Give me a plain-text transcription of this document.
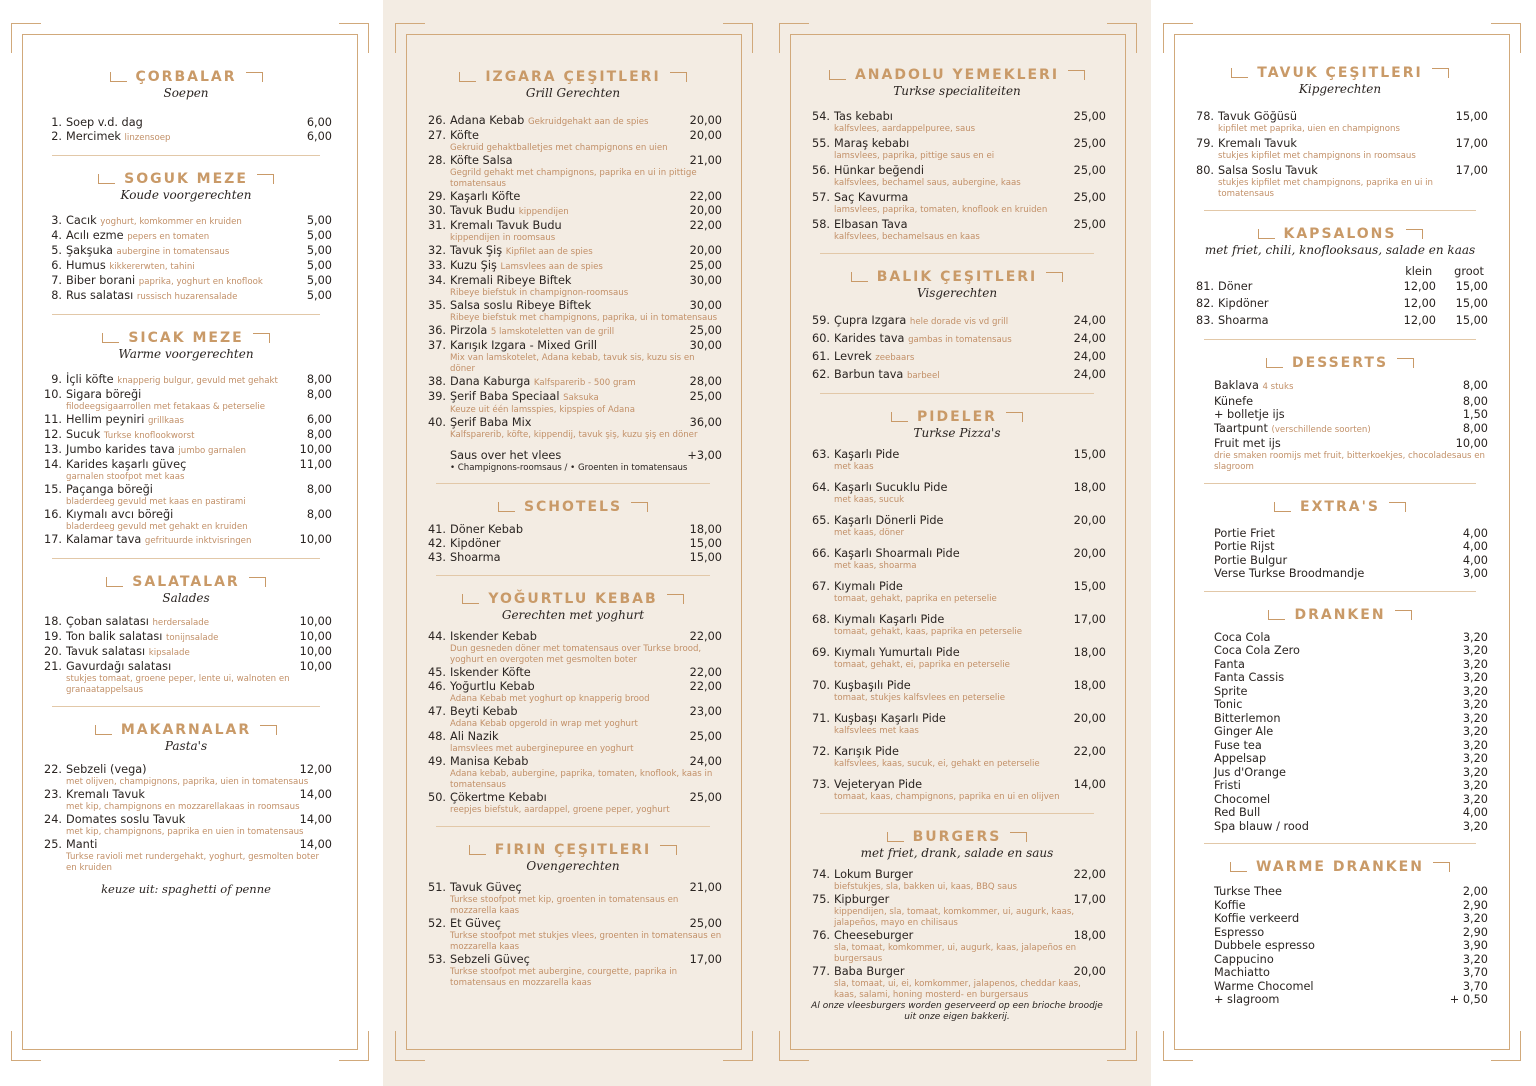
ÇORBALAR
Soepen
1. Soep v.d. dag	6,00
2. Mercimek linzensoep	6,00
SOGUK MEZE
Koude voorgerechten
3. Cacık yoghurt, komkommer en kruiden	5,00
4. Acılı ezme pepers en tomaten	5,00
5. Şakşuka aubergine in tomatensaus	5,00
6. Humus kikkererwten, tahini	5,00
7. Biber borani paprika, yoghurt en knoflook	5,00
8. Rus salatası russisch huzarensalade	5,00
SICAK MEZE
Warme voorgerechten
9. İçli köfte knapperig bulgur, gevuld met gehakt	8,00
10. Sigara böreği	8,00
filodeegsigaarrollen met fetakaas & peterselie
11. Hellim peyniri grillkaas	6,00
12. Sucuk Turkse knoflookworst	8,00
13. Jumbo karides tava jumbo garnalen	10,00
14. Karides kaşarlı güveç	11,00
garnalen stoofpot met kaas
15. Paçanga böreği	8,00
bladerdeeg gevuld met kaas en pastirami
16. Kıymalı avcı böreği	8,00
bladerdeeg gevuld met gehakt en kruiden
17. Kalamar tava gefrituurde inktvisringen	10,00
SALATALAR
Salades
18. Çoban salatası herdersalade	10,00
19. Ton balik salatası tonijnsalade	10,00
20. Tavuk salatası kipsalade	10,00
21. Gavurdağı salatası	10,00
stukjes tomaat, groene peper, lente ui, walnoten en granaatappelsaus
MAKARNALAR
Pasta's
22. Sebzeli (vega)	12,00
met olijven, champignons, paprika, uien in tomatensaus
23. Kremalı Tavuk	14,00
met kip, champignons en mozzarellakaas in roomsaus
24. Domates soslu Tavuk	14,00
met kip, champignons, paprika en uien in tomatensaus
25. Manti	14,00
Turkse ravioli met rundergehakt, yoghurt, gesmolten boter en kruiden
keuze uit: spaghetti of penne
IZGARA ÇEŞITLERI
Grill Gerechten
26. Adana Kebab Gekruidgehakt aan de spies	20,00
27. Köfte	20,00
Gekruid gehaktballetjes met champignons en uien
28. Köfte Salsa	21,00
Gegrild gehakt met champignons, paprika en ui in pittige tomatensaus
29. Kaşarlı Köfte	22,00
30. Tavuk Budu kippendijen	20,00
31. Kremalı Tavuk Budu	22,00
kippendijen in roomsaus
32. Tavuk Şiş Kipfilet aan de spies	20,00
33. Kuzu Şiş Lamsvlees aan de spies	25,00
34. Kremali Ribeye Biftek	30,00
Ribeye biefstuk in champignon-roomsaus
35. Salsa soslu Ribeye Biftek	30,00
Ribeye biefstuk met champignons, paprika, ui in tomatensaus
36. Pirzola 5 lamskoteletten van de grill	25,00
37. Karışık Izgara - Mixed Grill	30,00
Mix van lamskotelet, Adana kebab, tavuk sis, kuzu sis en döner
38. Dana Kaburga Kalfsparerib - 500 gram	28,00
39. Şerif Baba Speciaal Saksuka	25,00
Keuze uit één lamsspies, kipspies of Adana
40. Şerif Baba Mix	36,00
Kalfsparerib, köfte, kippendij, tavuk şiş, kuzu şiş en döner
Saus over het vlees	+3,00
• Champignons-roomsaus / • Groenten in tomatensaus
SCHOTELS
41. Döner Kebab	18,00
42. Kipdöner	15,00
43. Shoarma	15,00
YOĞURTLU KEBAB
Gerechten met yoghurt
44. Iskender Kebab	22,00
Dun gesneden döner met tomatensaus over Turkse brood, yoghurt en overgoten met gesmolten boter
45. Iskender Köfte	22,00
46. Yoğurtlu Kebab	22,00
Adana Kebab met yoghurt op knapperig brood
47. Beyti Kebab	23,00
Adana Kebab opgerold in wrap met yoghurt
48. Ali Nazik	25,00
lamsvlees met auberginepuree en yoghurt
49. Manisa Kebab	24,00
Adana kebab, aubergine, paprika, tomaten, knoflook, kaas in tomatensaus
50. Çökertme Kebabı	25,00
reepjes biefstuk, aardappel, groene peper, yoghurt
FIRIN ÇEŞITLERI
Ovengerechten
51. Tavuk Güveç	21,00
Turkse stoofpot met kip, groenten in tomatensaus en mozzarella kaas
52. Et Güveç	25,00
Turkse stoofpot met stukjes vlees, groenten in tomatensaus en mozzarella kaas
53. Sebzeli Güveç	17,00
Turkse stoofpot met aubergine, courgette, paprika in tomatensaus en mozzarella kaas
ANADOLU YEMEKLERI
Turkse specialiteiten
54. Tas kebabı	25,00
kalfsvlees, aardappelpuree, saus
55. Maraş kebabı	25,00
lamsvlees, paprika, pittige saus en ei
56. Hünkar beğendi	25,00
kalfsvlees, bechamel saus, aubergine, kaas
57. Saç Kavurma	25,00
lamsvlees, paprika, tomaten, knoflook en kruiden
58. Elbasan Tava	25,00
kalfsvlees, bechamelsaus en kaas
BALIK ÇEŞITLERI
Visgerechten
59. Çupra Izgara hele dorade vis vd grill	24,00
60. Karides tava gambas in tomatensaus	24,00
61. Levrek zeebaars	24,00
62. Barbun tava barbeel	24,00
PIDELER
Turkse Pizza's
63. Kaşarlı Pide	15,00
met kaas
64. Kaşarlı Sucuklu Pide	18,00
met kaas, sucuk
65. Kaşarlı Dönerli Pide	20,00
met kaas, döner
66. Kaşarlı Shoarmalı Pide	20,00
met kaas, shoarma
67. Kıymalı Pide	15,00
tomaat, gehakt, paprika en peterselie
68. Kıymalı Kaşarlı Pide	17,00
tomaat, gehakt, kaas, paprika en peterselie
69. Kıymalı Yumurtalı Pide	18,00
tomaat, gehakt, ei, paprika en peterselie
70. Kuşbaşılı Pide	18,00
tomaat, stukjes kalfsvlees en peterselie
71. Kuşbaşı Kaşarlı Pide	20,00
kalfsvlees met kaas
72. Karışık Pide	22,00
kalfsvlees, kaas, sucuk, ei, gehakt en peterselie
73. Vejeteryan Pide	14,00
tomaat, kaas, champignons, paprika en ui en olijven
BURGERS
met friet, drank, salade en saus
74. Lokum Burger	22,00
biefstukjes, sla, bakken ui, kaas, BBQ saus
75. Kipburger	17,00
kippendijen, sla, tomaat, komkommer, ui, augurk, kaas, jalapeños, mayo en chilisaus
76. Cheeseburger	18,00
sla, tomaat, komkommer, ui, augurk, kaas, jalapeños en burgersaus
77. Baba Burger	20,00
sla, tomaat, ui, ei, komkommer, jalapenos, cheddar kaas, kaas, salami, honing mosterd- en burgersaus
Al onze vleesburgers worden geserveerd op een brioche broodje uit onze eigen bakkerij.
TAVUK ÇEŞITLERI
Kipgerechten
78. Tavuk Göğüsü	15,00
kipfilet met paprika, uien en champignons
79. Kremalı Tavuk	17,00
stukjes kipfilet met champignons in roomsaus
80. Salsa Soslu Tavuk	17,00
stukjes kipfilet met champignons, paprika en ui in tomatensaus
KAPSALONS
met friet, chili, knoflooksaus, salade en kaas
klein groot
81. Döner	12,00	15,00
82. Kipdöner	12,00	15,00
83. Shoarma	12,00	15,00
DESSERTS
Baklava 4 stuks	8,00
Künefe	8,00
+ bolletje ijs	1,50
Taartpunt (verschillende soorten)	8,00
Fruit met ijs	10,00
drie smaken roomijs met fruit, bitterkoekjes, chocoladesaus en slagroom
EXTRA'S
Portie Friet	4,00
Portie Rijst	4,00
Portie Bulgur	4,00
Verse Turkse Broodmandje	3,00
DRANKEN
Coca Cola	3,20
Coca Cola Zero	3,20
Fanta	3,20
Fanta Cassis	3,20
Sprite	3,20
Tonic	3,20
Bitterlemon	3,20
Ginger Ale	3,20
Fuse tea	3,20
Appelsap	3,20
Jus d'Orange	3,20
Fristi	3,20
Chocomel	3,20
Red Bull	4,00
Spa blauw / rood	3,20
WARME DRANKEN
Turkse Thee	2,00
Koffie	2,90
Koffie verkeerd	3,20
Espresso	2,90
Dubbele espresso	3,90
Cappucino	3,20
Machiatto	3,70
Warme Chocomel	3,70
+ slagroom	+ 0,50
